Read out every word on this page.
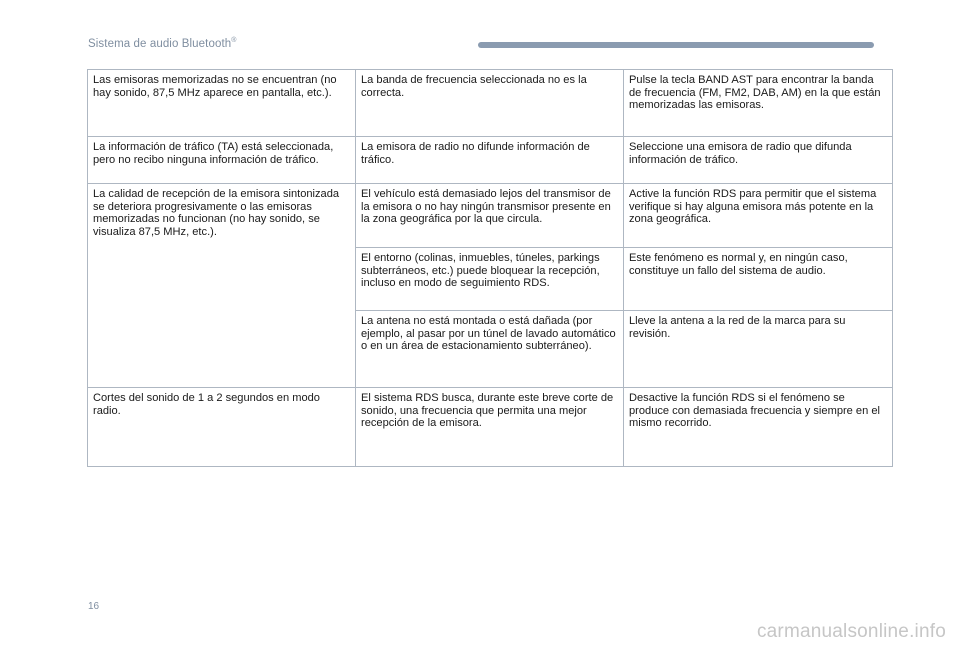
Sistema de audio Bluetooth®
Las emisoras memorizadas no se encuentran (no hay sonido, 87,5 MHz aparece en pantalla, etc.).	La banda de frecuencia seleccionada no es la correcta.	Pulse la tecla BAND AST para encontrar la banda de frecuencia (FM, FM2, DAB, AM) en la que están memorizadas las emisoras.
La información de tráfico (TA) está seleccionada, pero no recibo ninguna información de tráfico.	La emisora de radio no difunde información de tráfico.	Seleccione una emisora de radio que difunda información de tráfico.
La calidad de recepción de la emisora sintonizada se deteriora progresivamente o las emisoras memorizadas no funcionan (no hay sonido, se visualiza 87,5 MHz, etc.).	El vehículo está demasiado lejos del transmisor de la emisora o no hay ningún transmisor presente en la zona geográfica por la que circula.	Active la función RDS para permitir que el sistema verifique si hay alguna emisora más potente en la zona geográfica.
	El entorno (colinas, inmuebles, túneles, parkings subterráneos, etc.) puede bloquear la recepción, incluso en modo de seguimiento RDS.	Este fenómeno es normal y, en ningún caso, constituye un fallo del sistema de audio.
	La antena no está montada o está dañada (por ejemplo, al pasar por un túnel de lavado automático o en un área de estacionamiento subterráneo).	Lleve la antena a la red de la marca para su revisión.
Cortes del sonido de 1 a 2 segundos en modo radio.	El sistema RDS busca, durante este breve corte de sonido, una frecuencia que permita una mejor recepción de la emisora.	Desactive la función RDS si el fenómeno se produce con demasiada frecuencia y siempre en el mismo recorrido.
16
carmanualsonline.info
